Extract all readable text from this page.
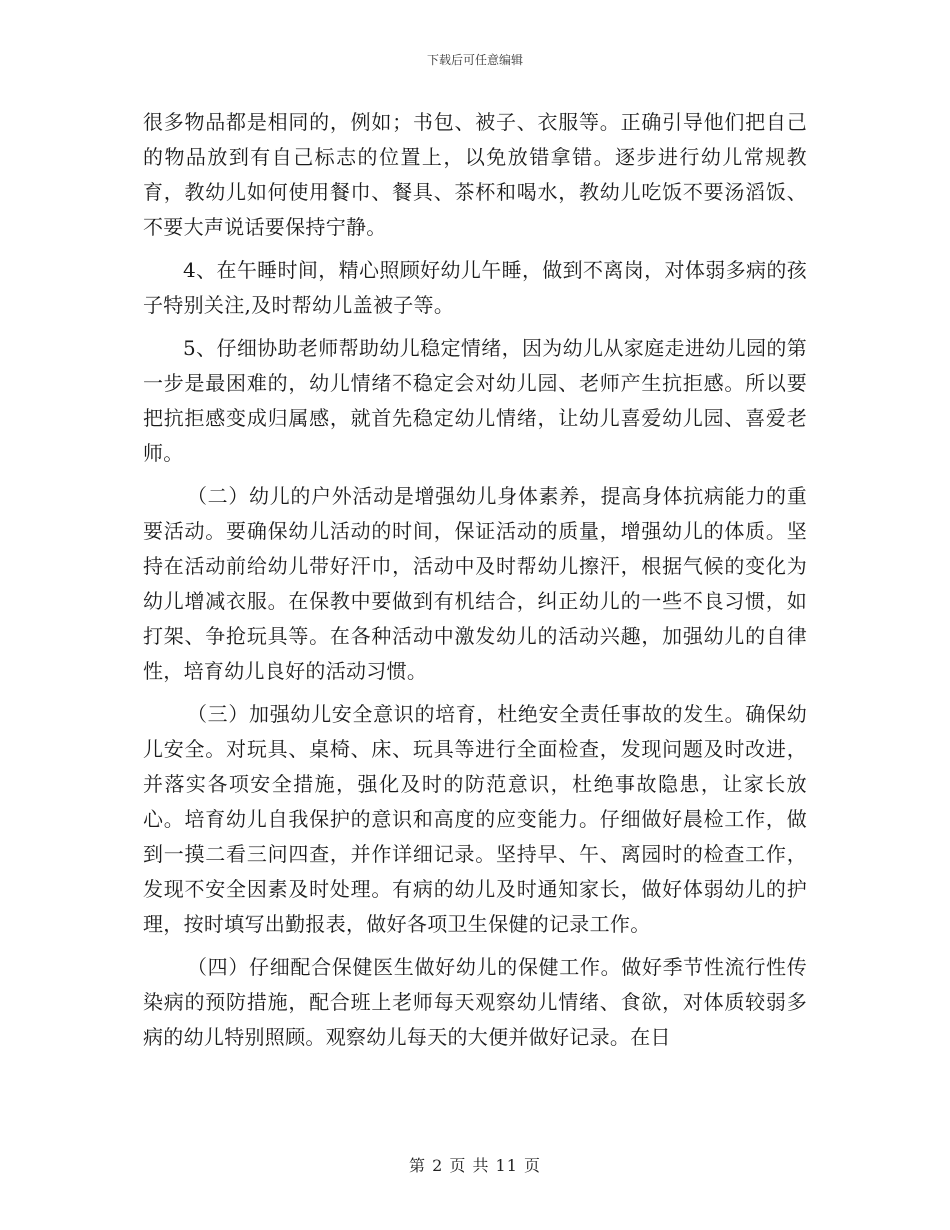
下载后可任意编辑

很多物品都是相同的，例如；书包、被子、衣服等。正确引导他们把自己的物品放到有自己标志的位置上，以免放错拿错。逐步进行幼儿常规教育，教幼儿如何使用餐巾、餐具、茶杯和喝水，教幼儿吃饭不要汤滔饭、不要大声说话要保持宁静。

4、在午睡时间，精心照顾好幼儿午睡，做到不离岗，对体弱多病的孩子特别关注,及时帮幼儿盖被子等。

5、仔细协助老师帮助幼儿稳定情绪，因为幼儿从家庭走进幼儿园的第一步是最困难的，幼儿情绪不稳定会对幼儿园、老师产生抗拒感。所以要把抗拒感变成归属感，就首先稳定幼儿情绪，让幼儿喜爱幼儿园、喜爱老师。

（二）幼儿的户外活动是增强幼儿身体素养，提高身体抗病能力的重要活动。要确保幼儿活动的时间，保证活动的质量，增强幼儿的体质。坚持在活动前给幼儿带好汗巾，活动中及时帮幼儿擦汗，根据气候的变化为幼儿增减衣服。在保教中要做到有机结合，纠正幼儿的一些不良习惯，如打架、争抢玩具等。在各种活动中激发幼儿的活动兴趣，加强幼儿的自律性，培育幼儿良好的活动习惯。

（三）加强幼儿安全意识的培育，杜绝安全责任事故的发生。确保幼儿安全。对玩具、桌椅、床、玩具等进行全面检查，发现问题及时改进，并落实各项安全措施，强化及时的防范意识，杜绝事故隐患，让家长放心。培育幼儿自我保护的意识和高度的应变能力。仔细做好晨检工作，做到一摸二看三问四查，并作详细记录。坚持早、午、离园时的检查工作，发现不安全因素及时处理。有病的幼儿及时通知家长，做好体弱幼儿的护理，按时填写出勤报表，做好各项卫生保健的记录工作。

（四）仔细配合保健医生做好幼儿的保健工作。做好季节性流行性传染病的预防措施，配合班上老师每天观察幼儿情绪、食欲，对体质较弱多病的幼儿特别照顾。观察幼儿每天的大便并做好记录。在日

第 2 页 共 11 页
